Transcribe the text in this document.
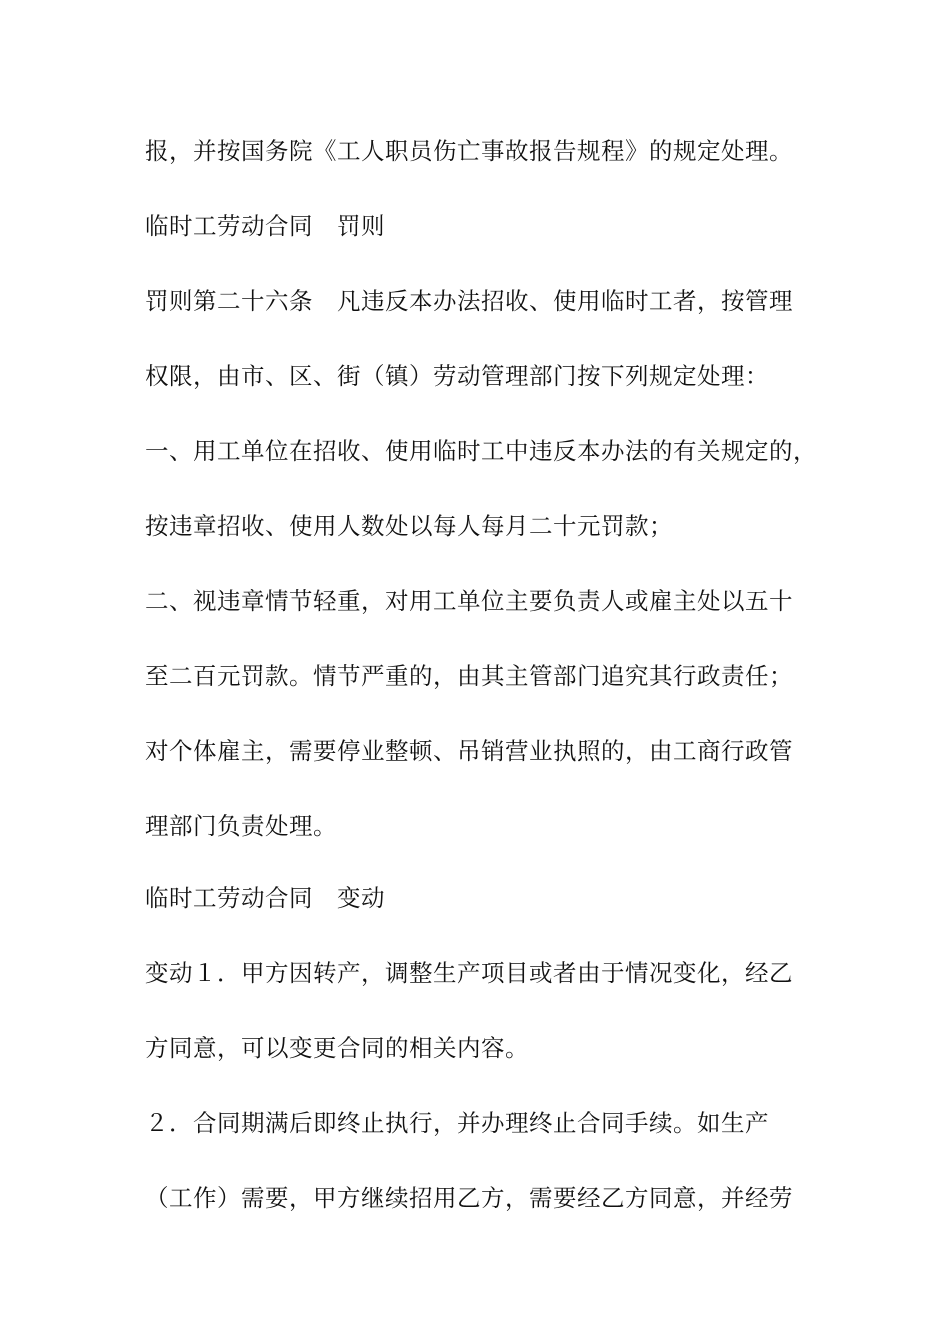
报，并按国务院《工人职员伤亡事故报告规程》的规定处理。
临时工劳动合同　罚则
罚则第二十六条　凡违反本办法招收、使用临时工者，按管理
权限，由市、区、街（镇）劳动管理部门按下列规定处理：
一、用工单位在招收、使用临时工中违反本办法的有关规定的，
按违章招收、使用人数处以每人每月二十元罚款；
二、视违章情节轻重，对用工单位主要负责人或雇主处以五十
至二百元罚款。情节严重的，由其主管部门追究其行政责任；
对个体雇主，需要停业整顿、吊销营业执照的，由工商行政管
理部门负责处理。
临时工劳动合同　变动
变动１．甲方因转产，调整生产项目或者由于情况变化，经乙
方同意，可以变更合同的相关内容。
２．合同期满后即终止执行，并办理终止合同手续。如生产
（工作）需要，甲方继续招用乙方，需要经乙方同意，并经劳
